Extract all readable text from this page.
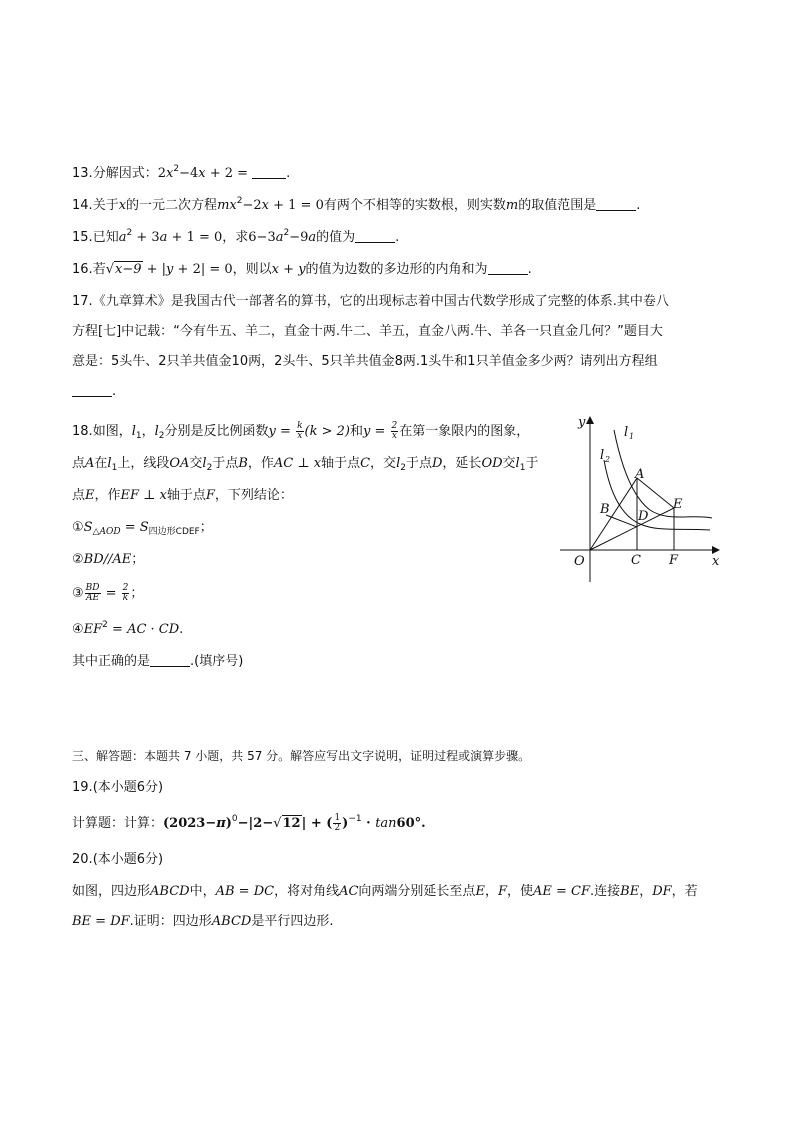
13.分解因式：$2x^2-4x + 2$ =	.
14.关于x的一元二次方程$mx^2-2x + 1 = 0$有两个不相等的实数根，则实数m的取值范围是	.
15.已知$a^2 + 3a + 1 = 0$，求$6-3a^2-9a$的值为	.
16.若√x−9 + |y + 2| = 0，则以x + y的值为边数的多边形的内角和为	.
17.《九章算术》是我国古代一部著名的算书，它的出现标志着中国古代数学形成了完整的体系.其中卷八
方程[七]中记载：“今有牛五、羊二，直金十两.牛二、羊五，直金八两.牛、羊各一只直金几何？”题目大
意是：5头牛、2只羊共值金10两，2头牛、5只羊共值金8两.1头牛和1只羊值金多少两？请列出方程组
.
18.如图，$l_1$，$l_2$分别是反比例函数$y = \frac{k}{x} (k > 2)$和$y = \frac{2}{x}$ 在第一象限内的图象，
点A在$l_1$上，线段OA交$l_2$于点B，作AC ⊥ x轴于点C，交$l_2$于点D，延长OD交$l_1$于
点E，作EF ⊥ x轴于点F，下列结论：
$①S_{\triangle AOD} = S_{四边形CDEF}$；
②BD//AE；
③ $\frac{BD}{AE} = \frac{2}{k}$ ；
$④EF^2$ = AC · CD.
其中正确的是	.(填序号)
y
x
O	C F
A
B D
E
l 1
l 2
三、解答题：本题共 7 小题，共 57 分。解答应写出文字说明，证明过程或演算步骤。
19.(本小题6分)
计算题：计算：$(2023-\pi)^0-|2-√12|$ + ( $\frac{1}{2} )^{-1} \cdot \tan 60^\circ$.
20.(本小题6分)
如图，四边形ABCD中，AB = DC，将对角线AC向两端分别延长至点E，F，使AE = CF.连接BE，DF，若
BE = DF.证明：四边形ABCD是平行四边形.
